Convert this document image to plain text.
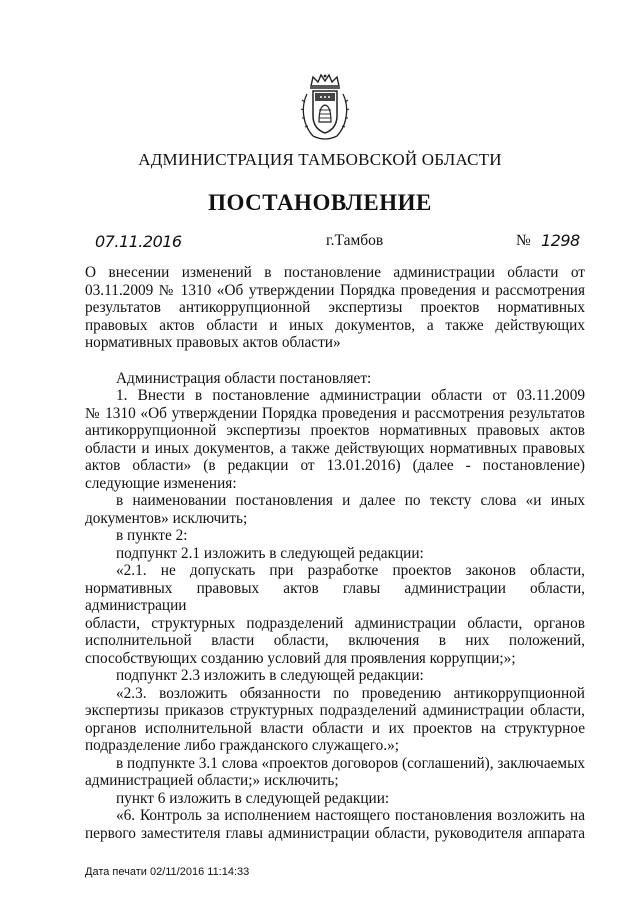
АДМИНИСТРАЦИЯ ТАМБОВСКОЙ ОБЛАСТИ
ПОСТАНОВЛЕНИЕ
07.11.2016	г.Тамбов	№ 1298

О внесении изменений в постановление администрации области от

03.11.2009 № 1310 «Об утверждении Порядка проведения и рассмотрения

результатов антикоррупционной экспертизы проектов нормативных

правовых актов области и иных документов, а также действующих

нормативных правовых актов области»

Администрация области постановляет:

1. Внести в постановление администрации области от 03.11.2009

№ 1310 «Об утверждении Порядка проведения и рассмотрения результатов

антикоррупционной экспертизы проектов нормативных правовых актов

области и иных документов, а также действующих нормативных правовых

актов области» (в редакции от 13.01.2016) (далее - постановление)

следующие изменения:

в наименовании постановления и далее по тексту слова «и иных

документов» исключить;

в пункте 2:

подпункт 2.1 изложить в следующей редакции:

«2.1. не допускать при разработке проектов законов области,

нормативных правовых актов главы администрации области, администрации

области, структурных подразделений администрации области, органов

исполнительной власти области, включения в них положений,

способствующих созданию условий для проявления коррупции;»;

подпункт 2.3 изложить в следующей редакции:

«2.3. возложить обязанности по проведению антикоррупционной

экспертизы приказов структурных подразделений администрации области,

органов исполнительной власти области и их проектов на структурное

подразделение либо гражданского служащего.»;

в подпункте 3.1 слова «проектов договоров (соглашений), заключаемых

администрацией области;» исключить;

пункт 6 изложить в следующей редакции:

«6. Контроль за исполнением настоящего постановления возложить на

первого заместителя главы администрации области, руководителя аппарата

Дата печати 02/11/2016 11:14:33
